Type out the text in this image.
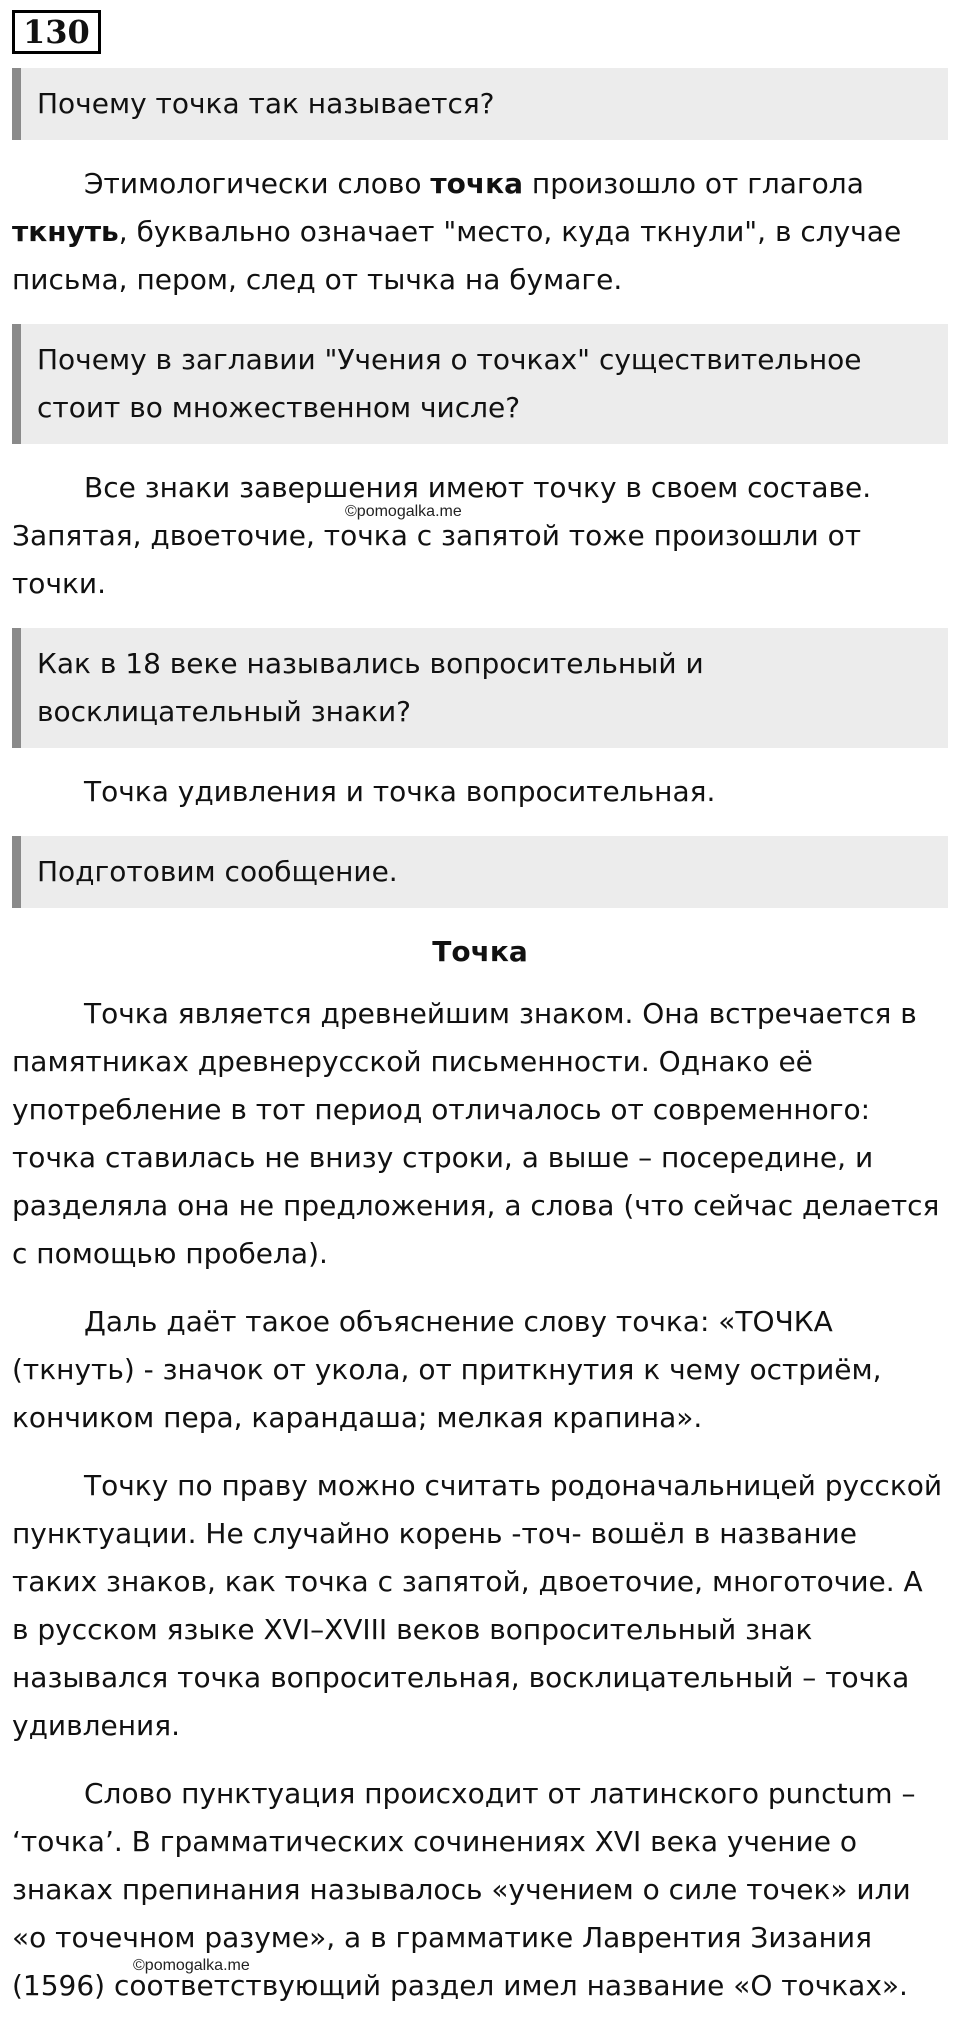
130
Почему точка так называется?
Этимологически слово точка произошло от глагола ткнуть, буквально означает "место, куда ткнули", в случае письма, пером, след от тычка на бумаге.
Почему в заглавии "Учения о точках" существительное стоит во множественном числе?
Все знаки завершения имеют точку в своем составе. Запятая, двоеточие, точка с запятой тоже произошли от точки.
Как в 18 веке назывались вопросительный и восклицательный знаки?
Точка удивления и точка вопросительная.
Подготовим сообщение.
Точка
Точка является древнейшим знаком. Она встречается в памятниках древнерусской письменности. Однако её употребление в тот период отличалось от современного: точка ставилась не внизу строки, а выше – посередине, и разделяла она не предложения, а слова (что сейчас делается с помощью пробела).
Даль даёт такое объяснение слову точка: «ТОЧКА (ткнуть) - значок от укола, от приткнутия к чему остриём, кончиком пера, карандаша; мелкая крапина».
Точку по праву можно считать родоначальницей русской пунктуации. Не случайно корень -точ- вошёл в название таких знаков, как точка с запятой, двоеточие, многоточие. А в русском языке XVI–XVIII веков вопросительный знак назывался точка вопросительная, восклицательный – точка удивления.
Слово пунктуация происходит от латинского punctum – ‘точка’. В грамматических сочинениях XVI века учение о знаках препинания называлось «учением о силе точек» или «о точечном разуме», а в грамматике Лаврентия Зизания (1596) соответствующий раздел имел название «О точках».
©pomogalka.me
©pomogalka.me
